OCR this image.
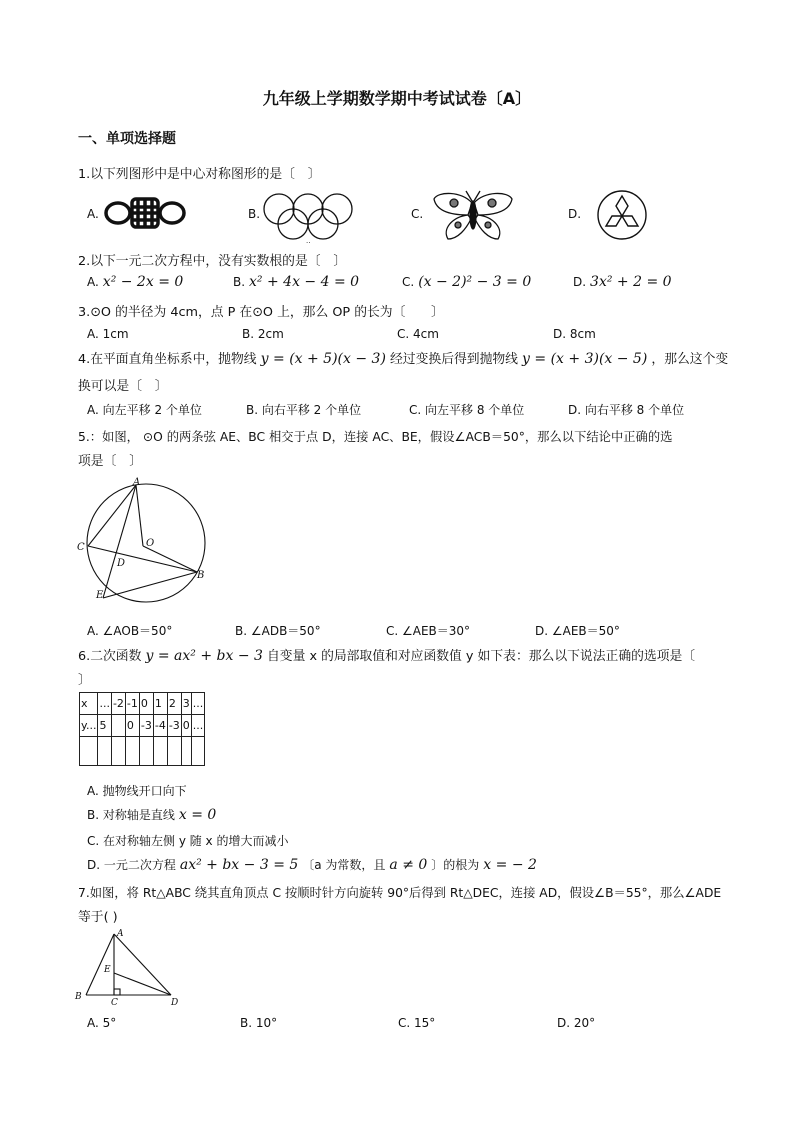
九年级上学期数学期中考试试卷〔A〕
一、单项选择题
1.以下列图形中是中心对称图形的是〔　〕
A.	B.
··
C.	D.
2.以下一元二次方程中，没有实数根的是〔　〕
A. x² − 2x = 0	B. x² + 4x − 4 = 0	C. (x − 2)² − 3 = 0	D. 3x² + 2 = 0
3.⊙O 的半径为 4cm，点 P 在⊙O 上，那么 OP 的长为〔　　〕
A. 1cm	B. 2cm	C. 4cm	D. 8cm
4.在平面直角坐标系中，抛物线 y = (x + 5)(x − 3) 经过变换后得到抛物线 y = (x + 3)(x − 5) ，那么这个变
换可以是〔　〕
A. 向左平移 2 个单位	B. 向右平移 2 个单位	C. 向左平移 8 个单位	D. 向右平移 8 个单位
5.：如图， ⊙O 的两条弦 AE、BC 相交于点 D，连接 AC、BE，假设∠ACB＝50°，那么以下结论中正确的选
项是〔　〕
A
C	O
D
B
E
A. ∠AOB＝50°	B. ∠ADB＝50°	C. ∠AEB＝30°	D. ∠AEB＝50°
6.二次函数 y = ax² + bx − 3 自变量 x 的局部取值和对应函数值 y 如下表：那么以下说法正确的选项是〔
〕
x	...	-2	-1	0	1	2	3	...
y...	5		0	-3	-4	-3	0	...

A. 抛物线开口向下
B. 对称轴是直线 x = 0
C. 在对称轴左侧 y 随 x 的增大而减小
D. 一元二次方程 ax² + bx − 3 = 5 〔a 为常数，且 a ≠ 0 〕的根为 x = − 2
7.如图，将 Rt△ABC 绕其直角顶点 C 按顺时针方向旋转 90°后得到 Rt△DEC，连接 AD，假设∠B＝55°，那么∠ADE
等于( )
A
E
B
C	D
A. 5°	B. 10°	C. 15°	D. 20°
